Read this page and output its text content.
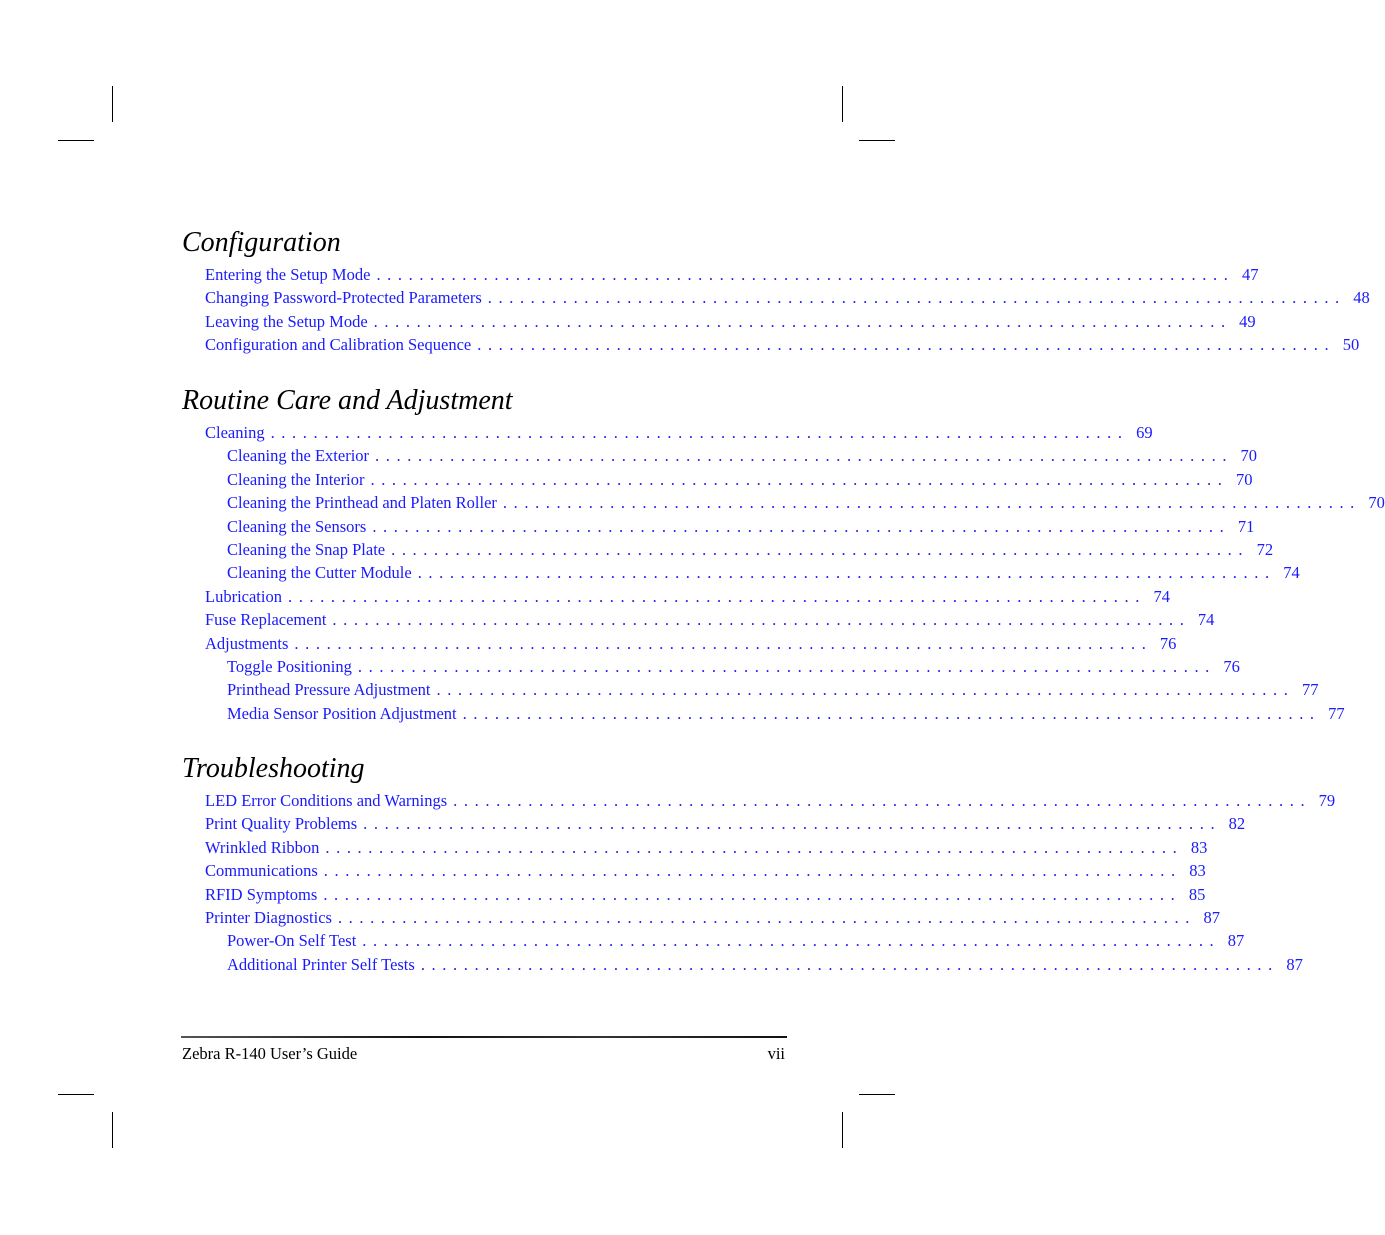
Configuration
Entering the Setup Mode ................................................................................ 47
Changing Password-Protected Parameters ................................................................................ 48
Leaving the Setup Mode ................................................................................ 49
Configuration and Calibration Sequence ................................................................................ 50
Routine Care and Adjustment
Cleaning ................................................................................ 69
Cleaning the Exterior ................................................................................ 70
Cleaning the Interior ................................................................................ 70
Cleaning the Printhead and Platen Roller ................................................................................ 70
Cleaning the Sensors ................................................................................ 71
Cleaning the Snap Plate ................................................................................ 72
Cleaning the Cutter Module ................................................................................ 74
Lubrication ................................................................................ 74
Fuse Replacement ................................................................................ 74
Adjustments ................................................................................ 76
Toggle Positioning ................................................................................ 76
Printhead Pressure Adjustment ................................................................................ 77
Media Sensor Position Adjustment ................................................................................ 77
Troubleshooting
LED Error Conditions and Warnings ................................................................................ 79
Print Quality Problems ................................................................................ 82
Wrinkled Ribbon ................................................................................ 83
Communications ................................................................................ 83
RFID Symptoms ................................................................................ 85
Printer Diagnostics ................................................................................ 87
Power-On Self Test ................................................................................ 87
Additional Printer Self Tests ................................................................................ 87
Zebra R-140 User’s Guide	vii
